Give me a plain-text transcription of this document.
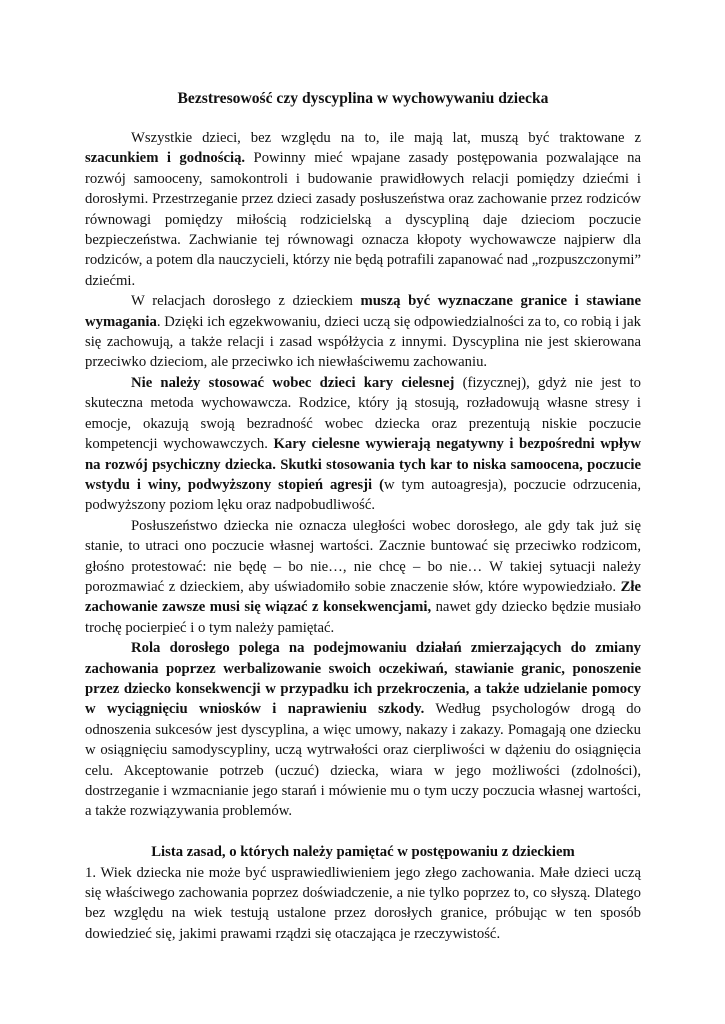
Bezstresowość czy dyscyplina w wychowywaniu dziecka

Wszystkie dzieci, bez względu na to, ile mają lat, muszą być traktowane z szacunkiem i godnością. Powinny mieć wpajane zasady postępowania pozwalające na rozwój samooceny, samokontroli i budowanie prawidłowych relacji pomiędzy dziećmi i dorosłymi. Przestrzeganie przez dzieci zasady posłuszeństwa oraz zachowanie przez rodziców równowagi pomiędzy miłością rodzicielską a dyscypliną daje dzieciom poczucie bezpieczeństwa. Zachwianie tej równowagi oznacza kłopoty wychowawcze najpierw dla rodziców, a potem dla nauczycieli, którzy nie będą potrafili zapanować nad „rozpuszczonymi” dziećmi.

W relacjach dorosłego z dzieckiem muszą być wyznaczane granice i stawiane wymagania. Dzięki ich egzekwowaniu, dzieci uczą się odpowiedzialności za to, co robią i jak się zachowują, a także relacji i zasad współżycia z innymi. Dyscyplina nie jest skierowana przeciwko dzieciom, ale przeciwko ich niewłaściwemu zachowaniu.

Nie należy stosować wobec dzieci kary cielesnej (fizycznej), gdyż nie jest to skuteczna metoda wychowawcza. Rodzice, który ją stosują, rozładowują własne stresy i emocje, okazują swoją bezradność wobec dziecka oraz prezentują niskie poczucie kompetencji wychowawczych. Kary cielesne wywierają negatywny i bezpośredni wpływ na rozwój psychiczny dziecka. Skutki stosowania tych kar to niska samoocena, poczucie wstydu i winy, podwyższony stopień agresji (w tym autoagresja), poczucie odrzucenia, podwyższony poziom lęku oraz nadpobudliwość.

Posłuszeństwo dziecka nie oznacza uległości wobec dorosłego, ale gdy tak już się stanie, to utraci ono poczucie własnej wartości. Zacznie buntować się przeciwko rodzicom, głośno protestować: nie będę – bo nie…, nie chcę – bo nie… W takiej sytuacji należy porozmawiać z dzieckiem, aby uświadomiło sobie znaczenie słów, które wypowiedziało. Złe zachowanie zawsze musi się wiązać z konsekwencjami, nawet gdy dziecko będzie musiało trochę pocierpieć i o tym należy pamiętać.

Rola dorosłego polega na podejmowaniu działań zmierzających do zmiany zachowania poprzez werbalizowanie swoich oczekiwań, stawianie granic, ponoszenie przez dziecko konsekwencji w przypadku ich przekroczenia, a także udzielanie pomocy w wyciągnięciu wniosków i naprawieniu szkody. Według psychologów drogą do odnoszenia sukcesów jest dyscyplina, a więc umowy, nakazy i zakazy. Pomagają one dziecku w osiągnięciu samodyscypliny, uczą wytrwałości oraz cierpliwości w dążeniu do osiągnięcia celu. Akceptowanie potrzeb (uczuć) dziecka, wiara w jego możliwości (zdolności), dostrzeganie i wzmacnianie jego starań i mówienie mu o tym uczy poczucia własnej wartości, a także rozwiązywania problemów.

Lista zasad, o których należy pamiętać w postępowaniu z dzieckiem

1. Wiek dziecka nie może być usprawiedliwieniem jego złego zachowania. Małe dzieci uczą się właściwego zachowania poprzez doświadczenie, a nie tylko poprzez to, co słyszą. Dlatego bez względu na wiek testują ustalone przez dorosłych granice, próbując w ten sposób dowiedzieć się, jakimi prawami rządzi się otaczająca je rzeczywistość.
